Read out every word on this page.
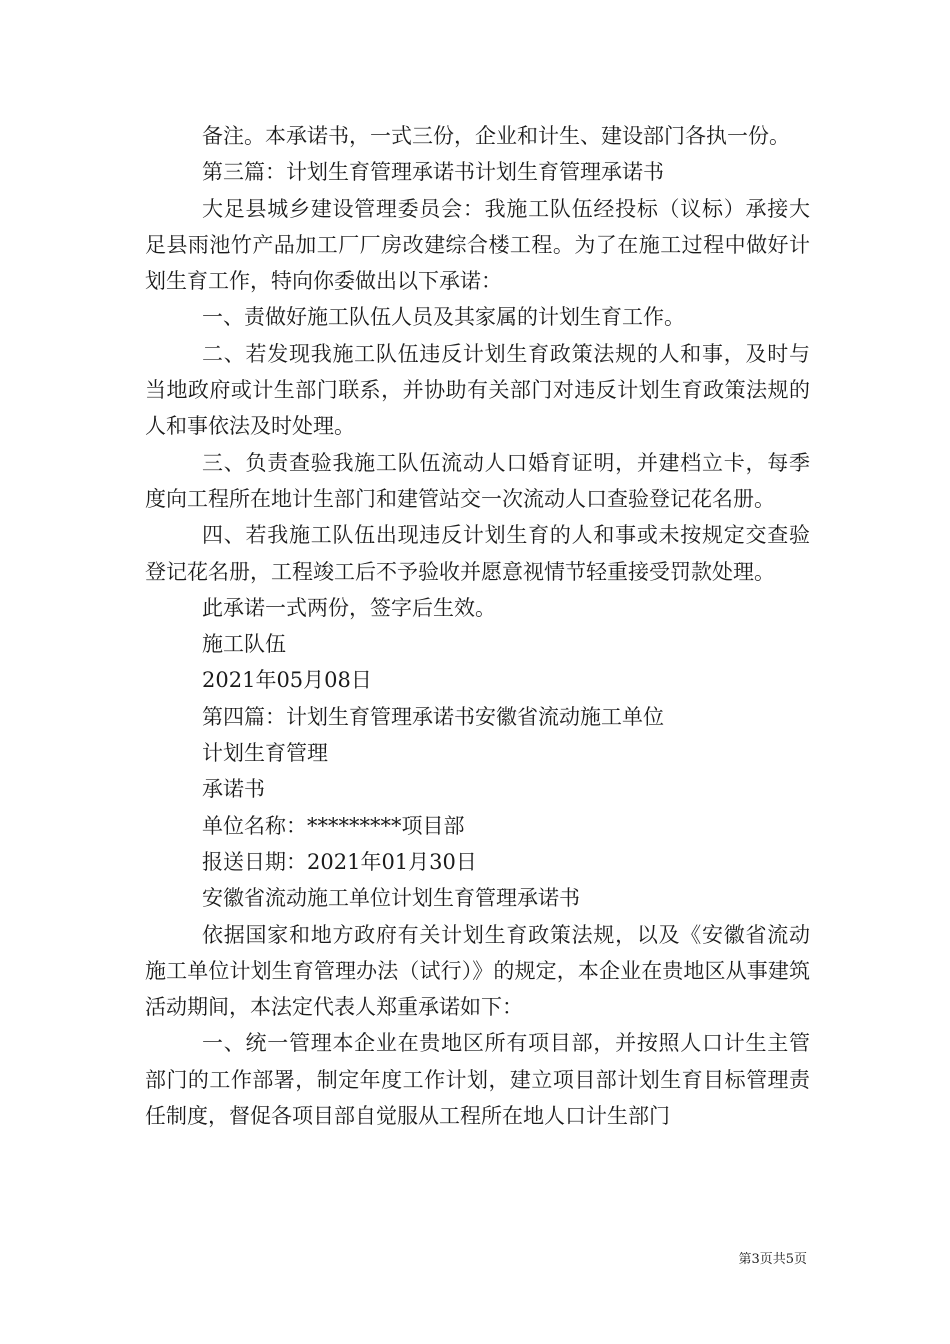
备注。本承诺书，一式三份，企业和计生、建设部门各执一份。

第三篇：计划生育管理承诺书计划生育管理承诺书

大足县城乡建设管理委员会：我施工队伍经投标（议标）承接大足县雨池竹产品加工厂厂房改建综合楼工程。为了在施工过程中做好计划生育工作，特向你委做出以下承诺：

一、责做好施工队伍人员及其家属的计划生育工作。

二、若发现我施工队伍违反计划生育政策法规的人和事，及时与当地政府或计生部门联系，并协助有关部门对违反计划生育政策法规的人和事依法及时处理。

三、负责查验我施工队伍流动人口婚育证明，并建档立卡，每季度向工程所在地计生部门和建管站交一次流动人口查验登记花名册。

四、若我施工队伍出现违反计划生育的人和事或未按规定交查验登记花名册，工程竣工后不予验收并愿意视情节轻重接受罚款处理。

此承诺一式两份，签字后生效。

施工队伍

2021年05月08日

第四篇：计划生育管理承诺书安徽省流动施工单位

计划生育管理

承诺书

单位名称：*********项目部

报送日期：2021年01月30日

安徽省流动施工单位计划生育管理承诺书

依据国家和地方政府有关计划生育政策法规，以及《安徽省流动施工单位计划生育管理办法（试行）》的规定，本企业在贵地区从事建筑活动期间，本法定代表人郑重承诺如下：

一、统一管理本企业在贵地区所有项目部，并按照人口计生主管部门的工作部署，制定年度工作计划，建立项目部计划生育目标管理责任制度，督促各项目部自觉服从工程所在地人口计生部门

第3页共5页
